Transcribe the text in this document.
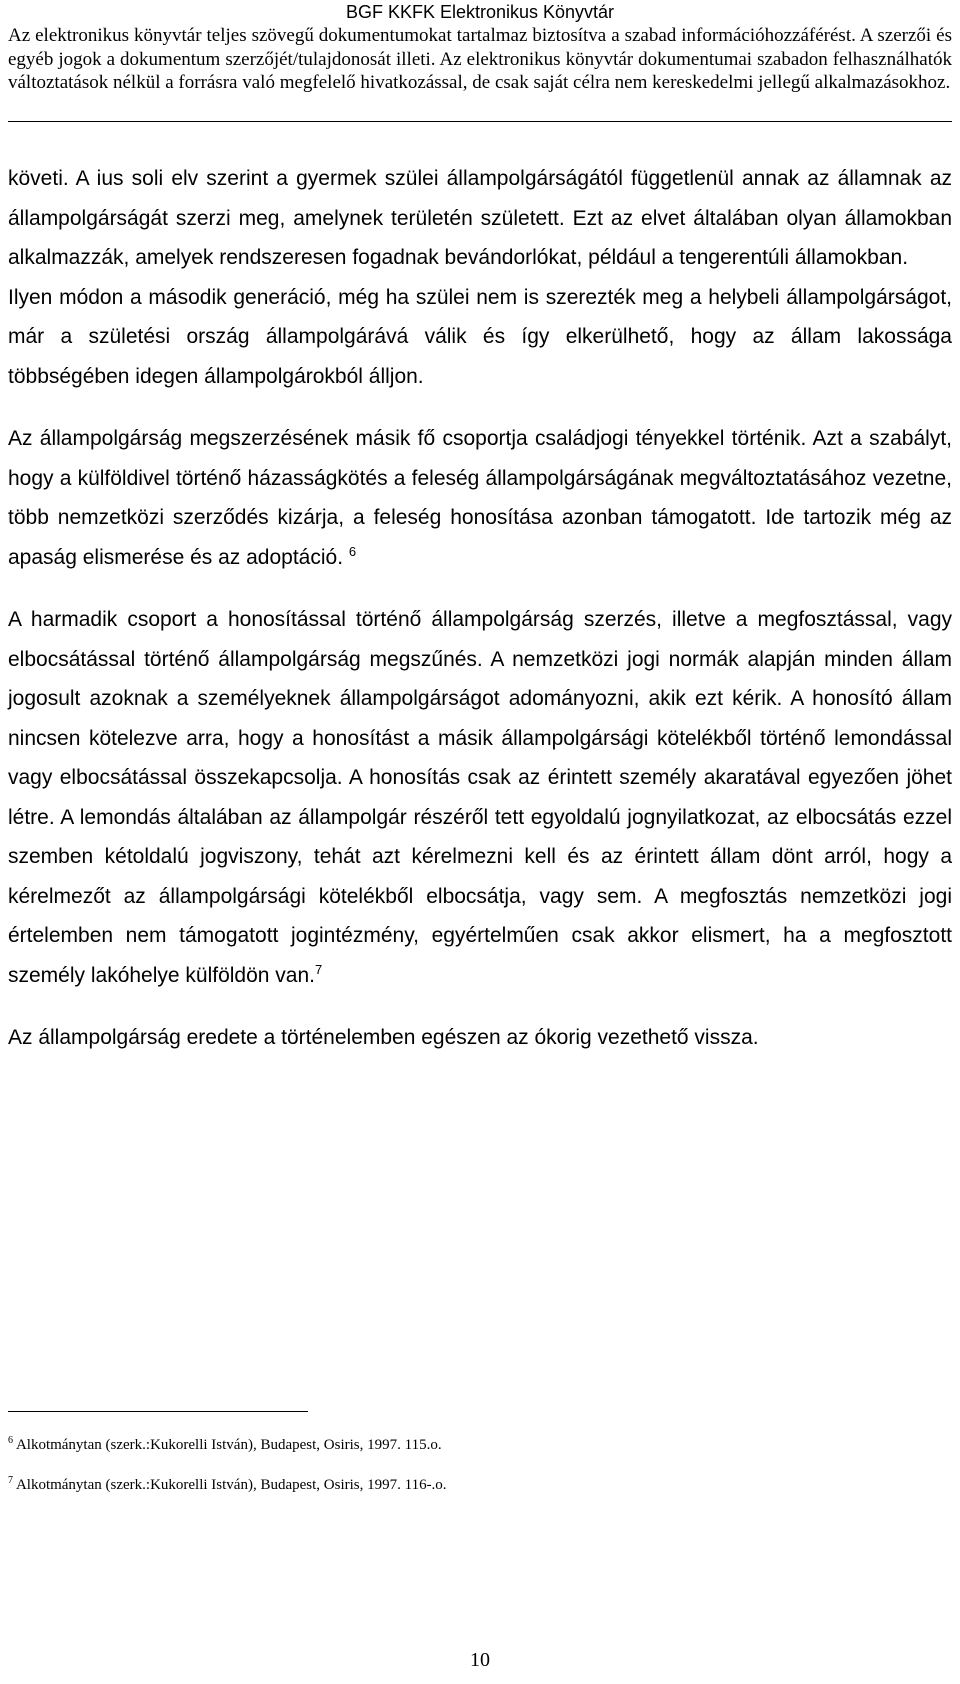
BGF KKFK Elektronikus Könyvtár
Az elektronikus könyvtár teljes szövegű dokumentumokat tartalmaz biztosítva a szabad információhozzáférést. A szerzői és egyéb jogok a dokumentum szerzőjét/tulajdonosát illeti. Az elektronikus könyvtár dokumentumai szabadon felhasználhatók változtatások nélkül a forrásra való megfelelő hivatkozással, de csak saját célra nem kereskedelmi jellegű alkalmazásokhoz.

követi. A ius soli elv szerint a gyermek szülei állampolgárságától függetlenül annak az államnak az állampolgárságát szerzi meg, amelynek területén született. Ezt az elvet általában olyan államokban alkalmazzák, amelyek rendszeresen fogadnak bevándorlókat, például a tengerentúli államokban.

Ilyen módon a második generáció, még ha szülei nem is szerezték meg a helybeli állampolgárságot, már a születési ország állampolgárává válik és így elkerülhető, hogy az állam lakossága többségében idegen állampolgárokból álljon.

Az állampolgárság megszerzésének másik fő csoportja családjogi tényekkel történik. Azt a szabályt, hogy a külföldivel történő házasságkötés a feleség állampolgárságának megváltoztatásához vezetne, több nemzetközi szerződés kizárja, a feleség honosítása azonban támogatott. Ide tartozik még az apaság elismerése és az adoptáció. $^6$

A harmadik csoport a honosítással történő állampolgárság szerzés, illetve a megfosztással, vagy elbocsátással történő állampolgárság megszűnés. A nemzetközi jogi normák alapján minden állam jogosult azoknak a személyeknek állampolgárságot adományozni, akik ezt kérik. A honosító állam nincsen kötelezve arra, hogy a honosítást a másik állampolgársági kötelékből történő lemondással vagy elbocsátással összekapcsolja. A honosítás csak az érintett személy akaratával egyezően jöhet létre. A lemondás általában az állampolgár részéről tett egyoldalú jognyilatkozat, az elbocsátás ezzel szemben kétoldalú jogviszony, tehát azt kérelmezni kell és az érintett állam dönt arról, hogy a kérelmezőt az állampolgársági kötelékből elbocsátja, vagy sem. A megfosztás nemzetközi jogi értelemben nem támogatott jogintézmény, egyértelműen csak akkor elismert, ha a megfosztott személy lakóhelye külföldön van.$^7$

Az állampolgárság eredete a történelemben egészen az ókorig vezethető vissza.

$^6$ Alkotmánytan (szerk.:Kukorelli István), Budapest, Osiris, 1997. 115.o.

$^7$ Alkotmánytan (szerk.:Kukorelli István), Budapest, Osiris, 1997. 116-.o.

10
